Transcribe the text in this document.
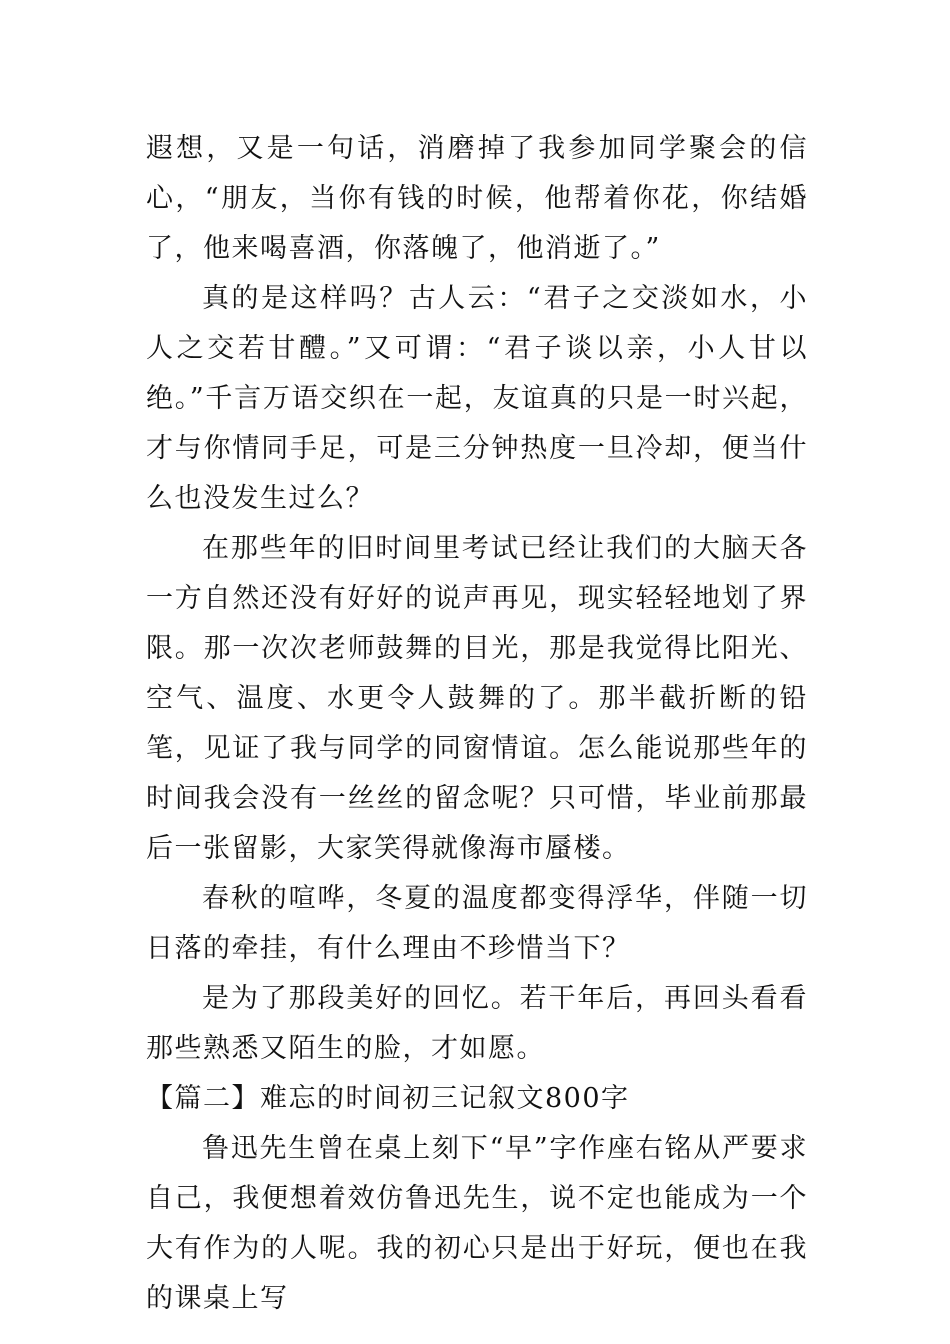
遐想，又是一句话，消磨掉了我参加同学聚会的信心，“朋友，当你有钱的时候，他帮着你花，你结婚了，他来喝喜酒，你落魄了，他消逝了。”

真的是这样吗？古人云：“君子之交淡如水，小人之交若甘醴。”又可谓：“君子谈以亲，小人甘以绝。”千言万语交织在一起，友谊真的只是一时兴起，才与你情同手足，可是三分钟热度一旦冷却，便当什么也没发生过么？

在那些年的旧时间里考试已经让我们的大脑天各一方自然还没有好好的说声再见，现实轻轻地划了界限。那一次次老师鼓舞的目光，那是我觉得比阳光、空气、温度、水更令人鼓舞的了。那半截折断的铅笔，见证了我与同学的同窗情谊。怎么能说那些年的时间我会没有一丝丝的留念呢？只可惜，毕业前那最后一张留影，大家笑得就像海市蜃楼。

春秋的喧哗，冬夏的温度都变得浮华，伴随一切日落的牵挂，有什么理由不珍惜当下？

是为了那段美好的回忆。若干年后，再回头看看那些熟悉又陌生的脸，才如愿。

【篇二】难忘的时间初三记叙文800字

鲁迅先生曾在桌上刻下“早”字作座右铭从严要求自己，我便想着效仿鲁迅先生，说不定也能成为一个大有作为的人呢。我的初心只是出于好玩，便也在我的课桌上写
